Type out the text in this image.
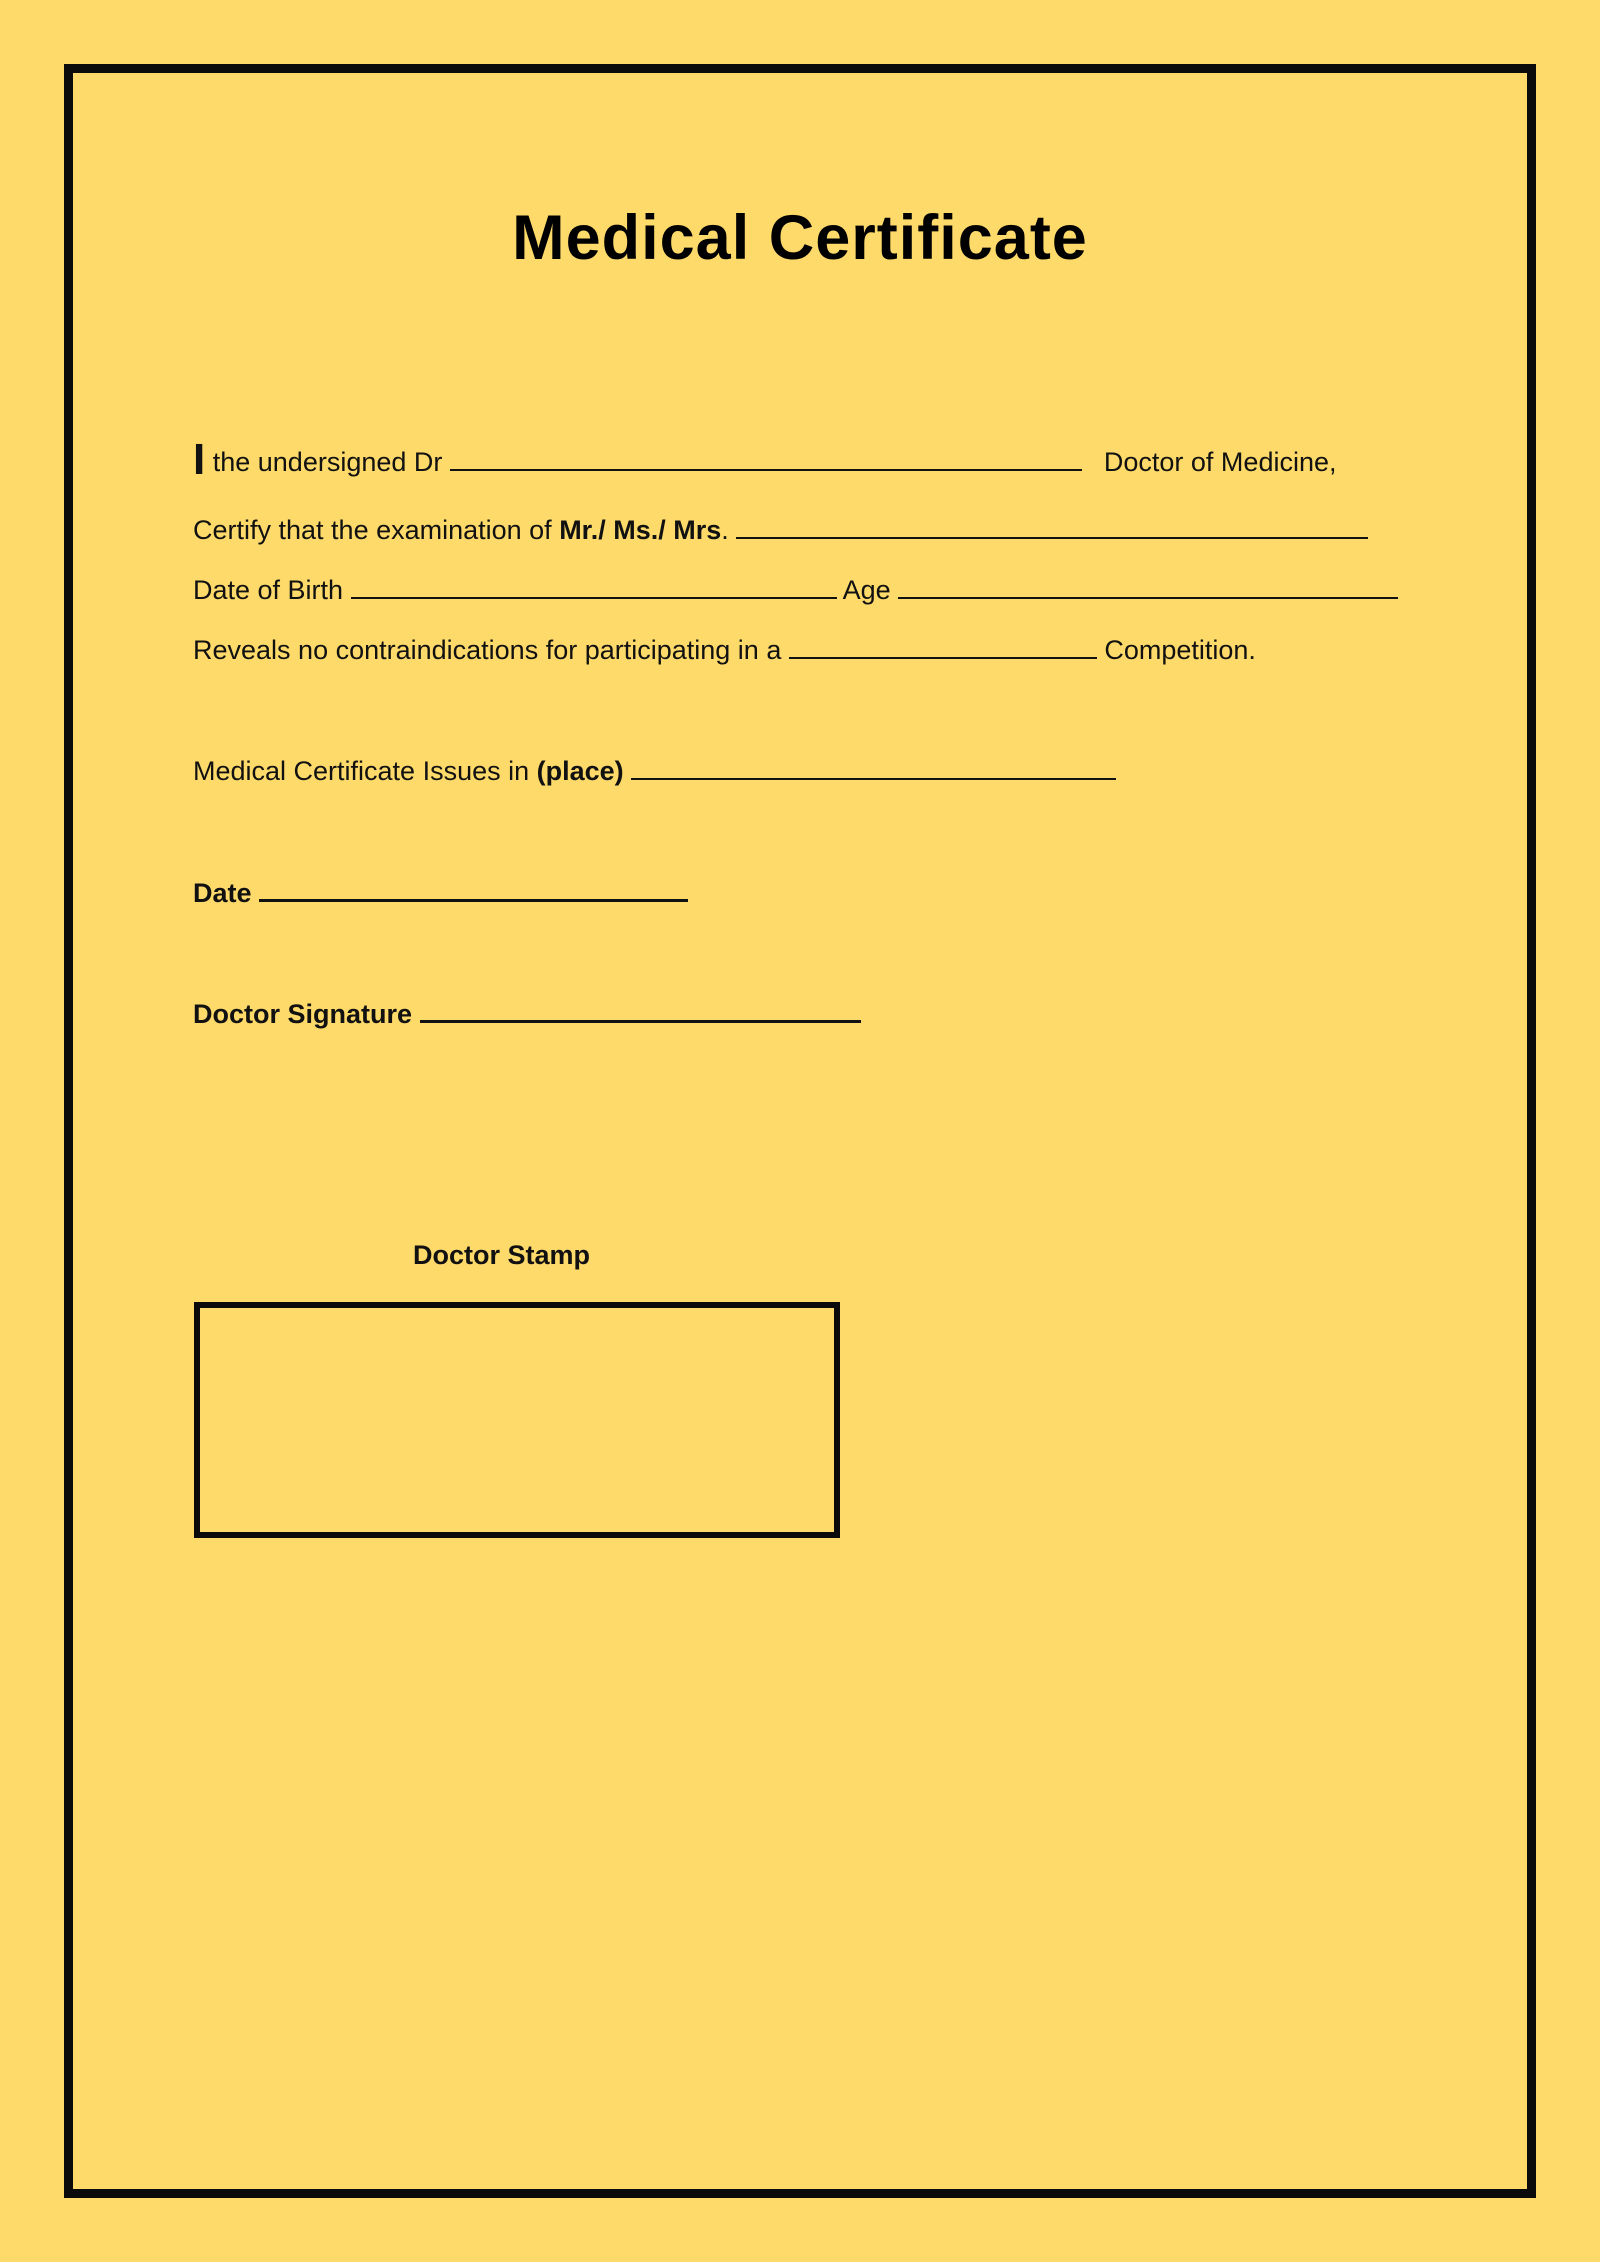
Medical Certificate
I the undersigned Dr	Doctor of Medicine,
Certify that the examination of Mr./ Ms./ Mrs.
Date of Birth	Age
Reveals no contraindications for participating in a	Competition.
Medical Certificate Issues in (place)
Date
Doctor Signature
Doctor Stamp
